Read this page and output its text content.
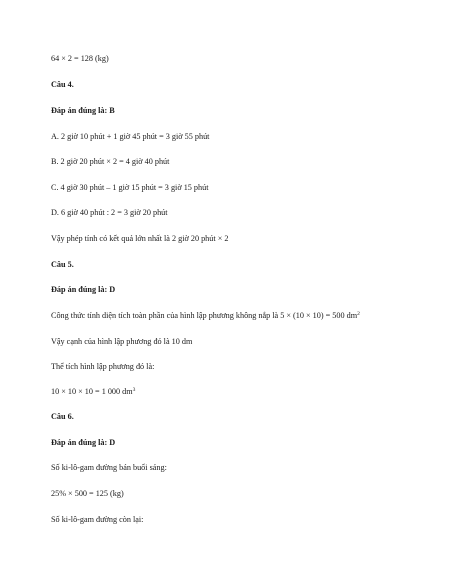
64 × 2 = 128 (kg)
Câu 4.
Đáp án đúng là: B
A. 2 giờ 10 phút + 1 giờ 45 phút = 3 giờ 55 phút
B. 2 giờ 20 phút × 2 = 4 giờ 40 phút
C. 4 giờ 30 phút – 1 giờ 15 phút = 3 giờ 15 phút
D. 6 giờ 40 phút : 2 = 3 giờ 20 phút
Vậy phép tính có kết quả lớn nhất là 2 giờ 20 phút × 2
Câu 5.
Đáp án đúng là: D
Công thức tính diện tích toàn phần của hình lập phương không nắp là 5 × (10 × 10) = 500 $dm^2$
Vậy cạnh của hình lập phương đó là 10 dm
Thể tích hình lập phương đó là:
10 × 10 × 10 = 1 000 $dm^3$
Câu 6.
Đáp án đúng là: D
Số ki-lô-gam đường bán buổi sáng:
25% × 500 = 125 (kg)
Số ki-lô-gam đường còn lại:
